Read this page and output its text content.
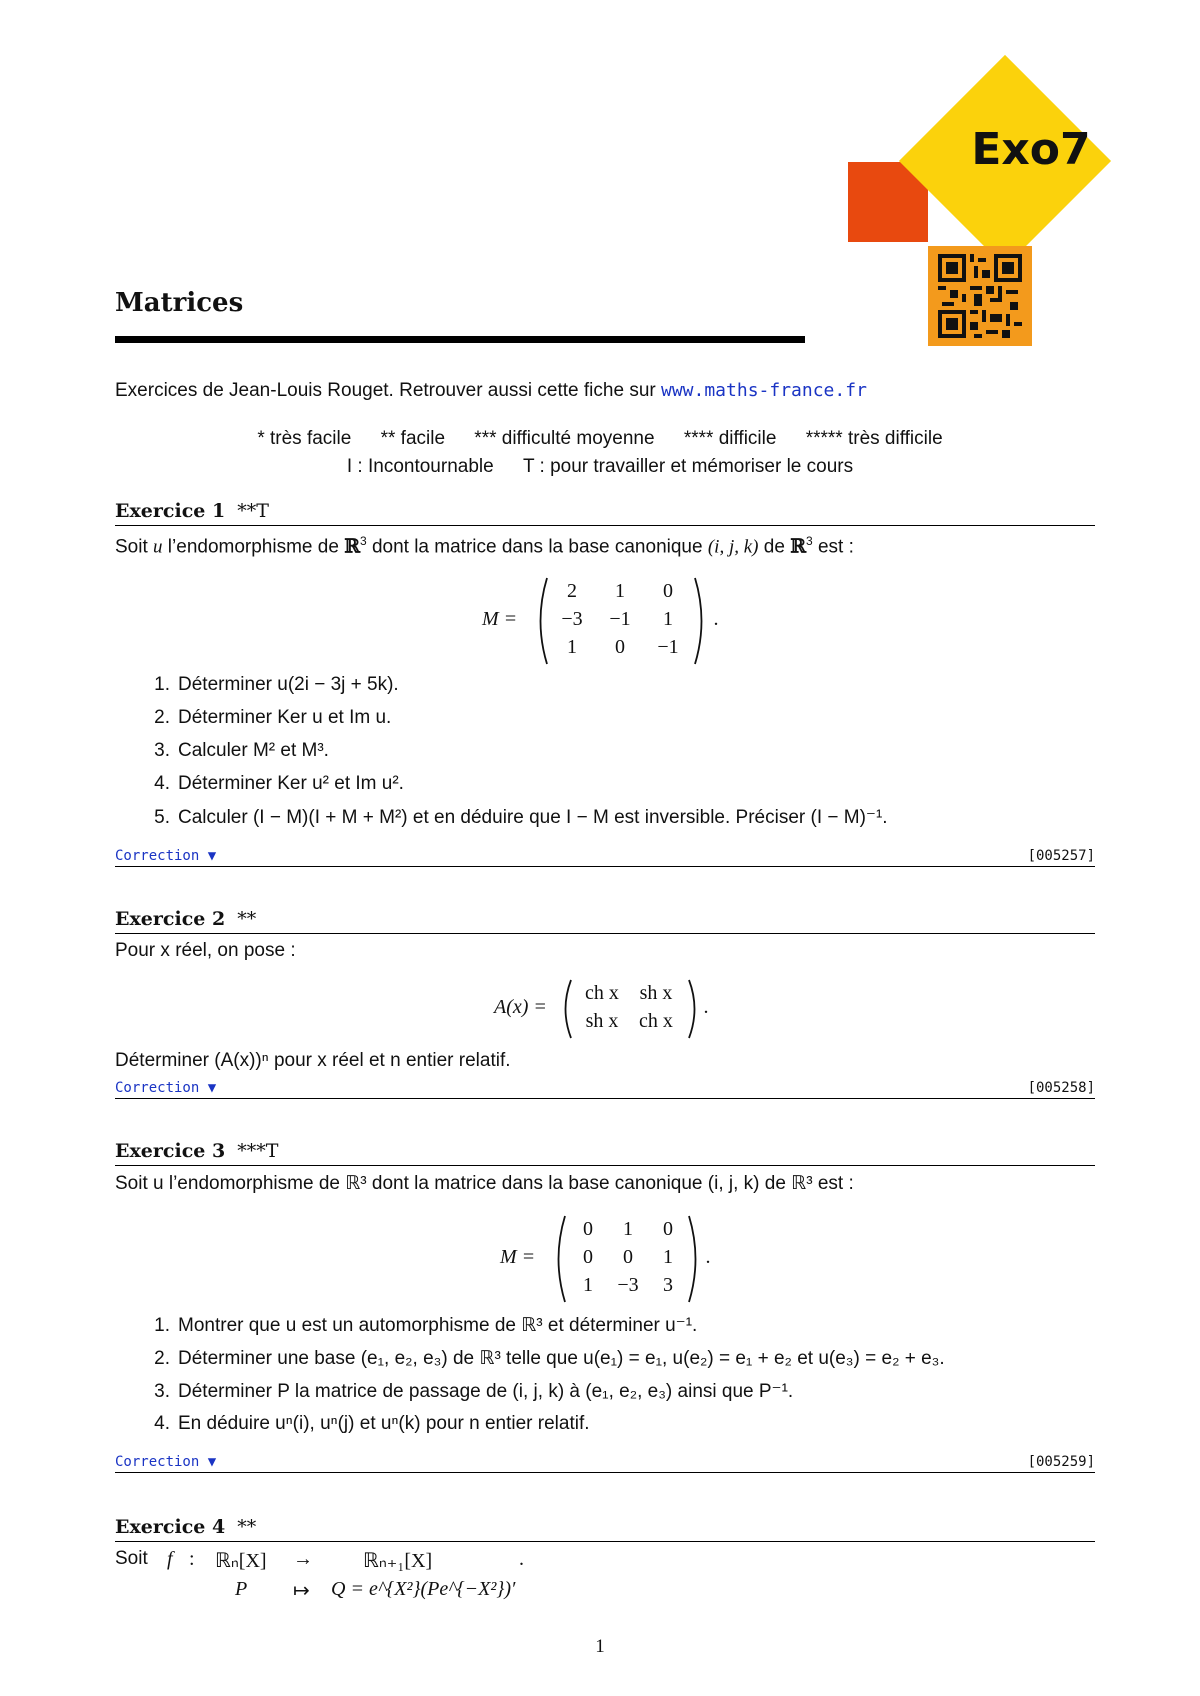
Exo7
Matrices
Exercices de Jean-Louis Rouget. Retrouver aussi cette fiche sur www.maths-france.fr
* très facile ** facile *** difficulté moyenne **** difficile ***** très difficile
I : Incontournable T : pour travailler et mémoriser le cours
Exercice 1 **T
Soit u l’endomorphisme de ℝ$^3$ dont la matrice dans la base canonique (i, j, k) de ℝ$^3$ est :
M =
2	1	0
−3	−1	1
1	0	−1
.
1. Déterminer u(2i − 3j + 5k).
2. Déterminer Ker u et Im u.
3. Calculer M² et M³.
4. Déterminer Ker u² et Im u².
5. Calculer (I − M)(I + M + M²) et en déduire que I − M est inversible. Préciser (I − M)⁻¹.
Correction ▼	[005257]
Exercice 2 **
Pour x réel, on pose :
A(x) =
ch x	sh x
sh x	ch x
.
Déterminer (A(x))ⁿ pour x réel et n entier relatif.
Correction ▼	[005258]
Exercice 3 ***T
Soit u l’endomorphisme de ℝ³ dont la matrice dans la base canonique (i, j, k) de ℝ³ est :
M =
0	1	0
0	0	1
1	−3	3
.
1. Montrer que u est un automorphisme de ℝ³ et déterminer u⁻¹.
2. Déterminer une base (e₁, e₂, e₃) de ℝ³ telle que u(e₁) = e₁, u(e₂) = e₁ + e₂ et u(e₃) = e₂ + e₃.
3. Déterminer P la matrice de passage de (i, j, k) à (e₁, e₂, e₃) ainsi que P⁻¹.
4. En déduire uⁿ(i), uⁿ(j) et uⁿ(k) pour n entier relatif.
Correction ▼	[005259]
Exercice 4 **
Soit f : ℝₙ[X] →	ℝₙ₊₁[X]	.
P ↦ Q = e^{X²}(Pe^{−X²})′
1
